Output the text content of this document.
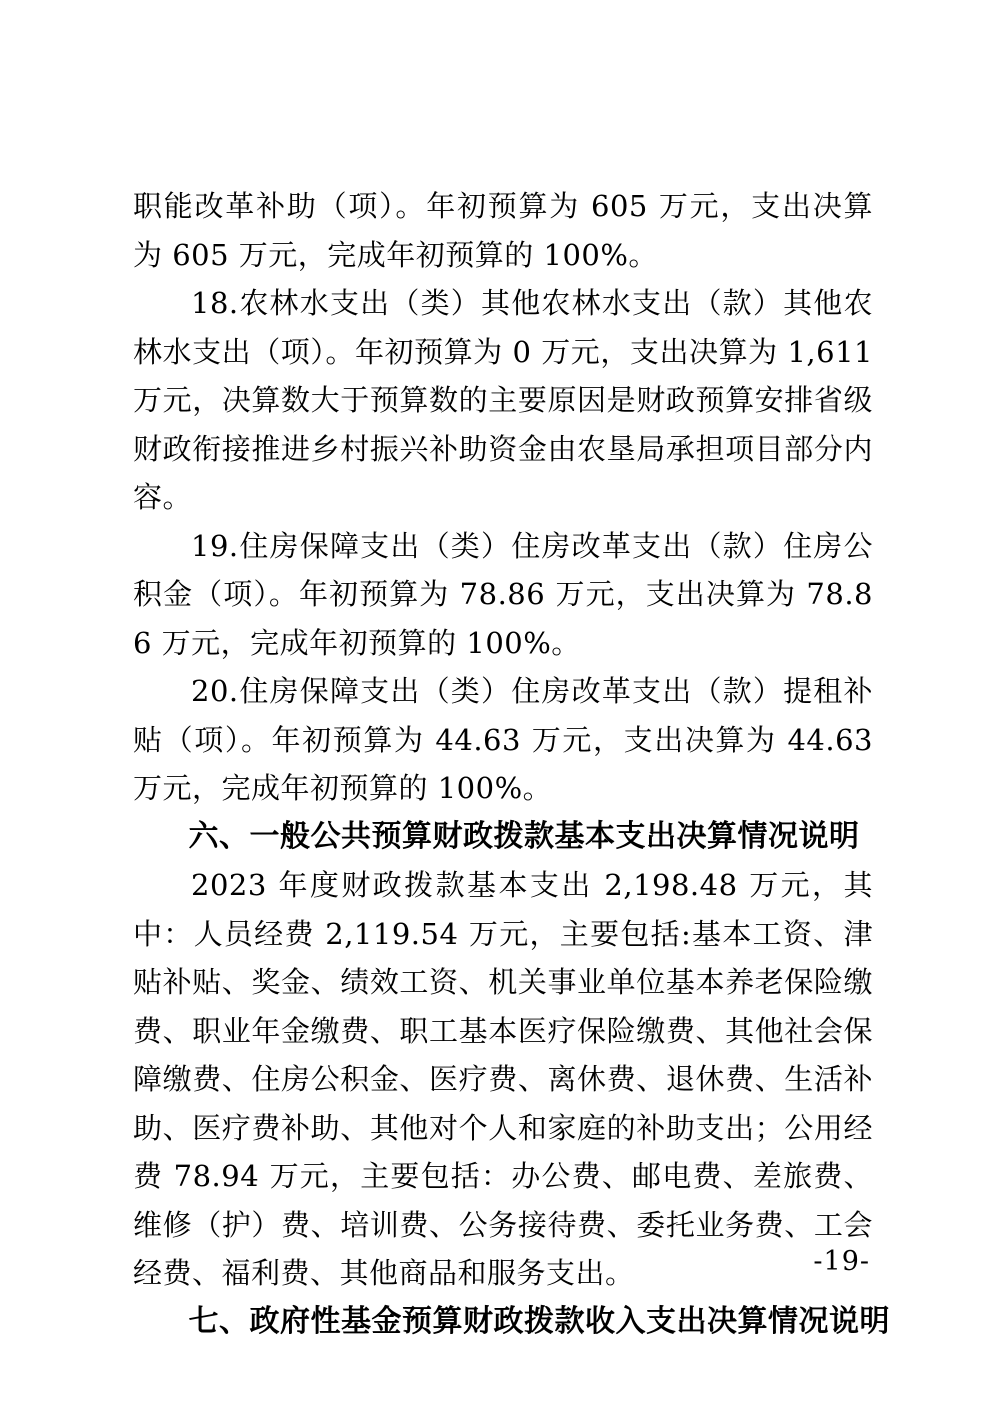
职能改革补助（项）。年初预算为 605 万元，支出决算为 605 万元，完成年初预算的 100%。

18.农林水支出（类）其他农林水支出（款）其他农林水支出（项）。年初预算为 0 万元，支出决算为 1,611 万元，决算数大于预算数的主要原因是财政预算安排省级财政衔接推进乡村振兴补助资金由农垦局承担项目部分内容。

19.住房保障支出（类）住房改革支出（款）住房公积金（项）。年初预算为 78.86 万元，支出决算为 78.86 万元，完成年初预算的 100%。

20.住房保障支出（类）住房改革支出（款）提租补贴（项）。年初预算为 44.63 万元，支出决算为 44.63 万元，完成年初预算的 100%。

六、一般公共预算财政拨款基本支出决算情况说明

2023 年度财政拨款基本支出 2,198.48 万元，其中：人员经费 2,119.54 万元，主要包括:基本工资、津贴补贴、奖金、绩效工资、机关事业单位基本养老保险缴费、职业年金缴费、职工基本医疗保险缴费、其他社会保障缴费、住房公积金、医疗费、离休费、退休费、生活补助、医疗费补助、其他对个人和家庭的补助支出；公用经费 78.94 万元，主要包括：办公费、邮电费、差旅费、维修（护）费、培训费、公务接待费、委托业务费、工会经费、福利费、其他商品和服务支出。

七、政府性基金预算财政拨款收入支出决算情况说明
-19-
